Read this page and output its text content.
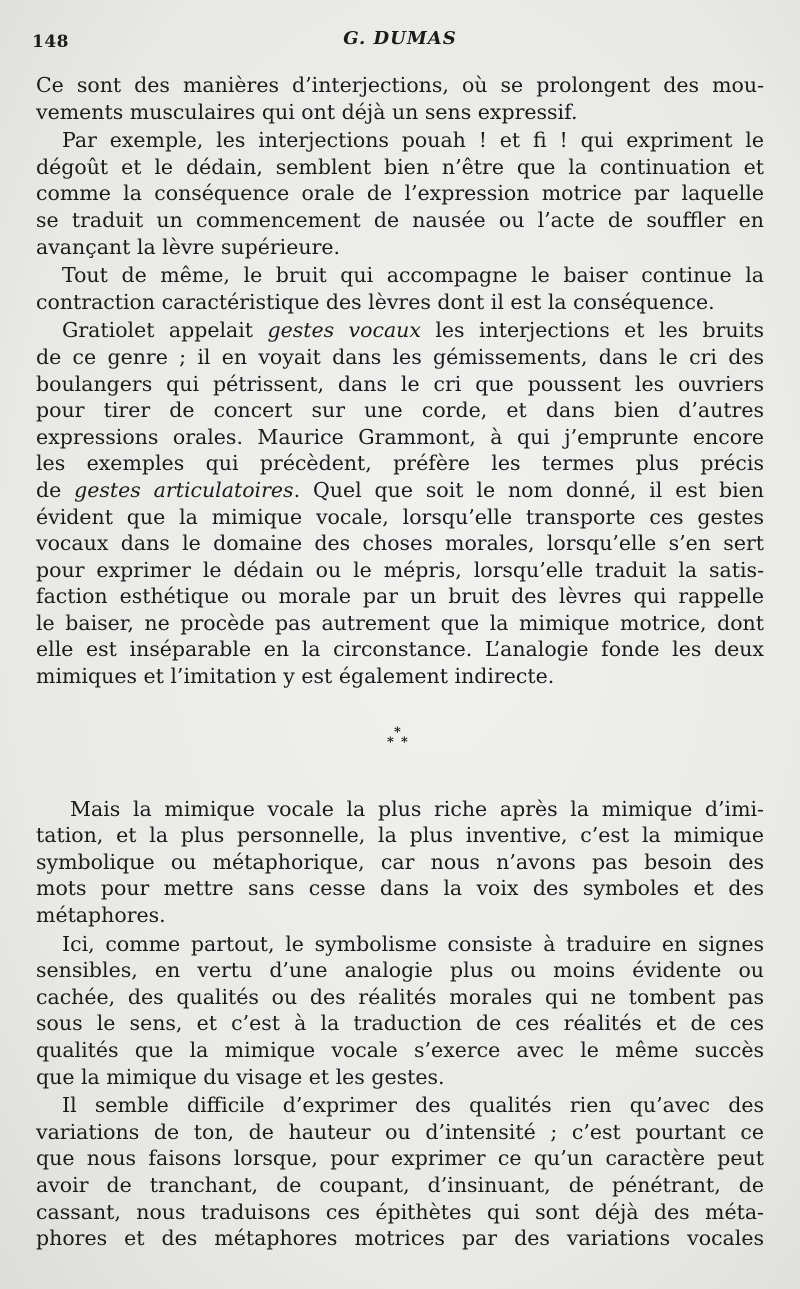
148	G. DUMAS
Ce sont des manières d’interjections, où se prolongent des mou-
vements musculaires qui ont déjà un sens expressif.
Par exemple, les interjections pouah ! et fi ! qui expriment le
dégoût et le dédain, semblent bien n’être que la continuation et
comme la conséquence orale de l’expression motrice par laquelle
se traduit un commencement de nausée ou l’acte de souffler en
avançant la lèvre supérieure.
Tout de même, le bruit qui accompagne le baiser continue la
contraction caractéristique des lèvres dont il est la conséquence.
Gratiolet appelait gestes vocaux les interjections et les bruits
de ce genre ; il en voyait dans les gémissements, dans le cri des
boulangers qui pétrissent, dans le cri que poussent les ouvriers
pour tirer de concert sur une corde, et dans bien d’autres
expressions orales. Maurice Grammont, à qui j’emprunte encore
les exemples qui précèdent, préfère les termes plus précis
de gestes articulatoires. Quel que soit le nom donné, il est bien
évident que la mimique vocale, lorsqu’elle transporte ces gestes
vocaux dans le domaine des choses morales, lorsqu’elle s’en sert
pour exprimer le dédain ou le mépris, lorsqu’elle traduit la satis-
faction esthétique ou morale par un bruit des lèvres qui rappelle
le baiser, ne procède pas autrement que la mimique motrice, dont
elle est inséparable en la circonstance. L’analogie fonde les deux
mimiques et l’imitation y est également indirecte.
*
* *
Mais la mimique vocale la plus riche après la mimique d’imi-
tation, et la plus personnelle, la plus inventive, c’est la mimique
symbolique ou métaphorique, car nous n’avons pas besoin des
mots pour mettre sans cesse dans la voix des symboles et des
métaphores.
Ici, comme partout, le symbolisme consiste à traduire en signes
sensibles, en vertu d’une analogie plus ou moins évidente ou
cachée, des qualités ou des réalités morales qui ne tombent pas
sous le sens, et c’est à la traduction de ces réalités et de ces
qualités que la mimique vocale s’exerce avec le même succès
que la mimique du visage et les gestes.
Il semble difficile d’exprimer des qualités rien qu’avec des
variations de ton, de hauteur ou d’intensité ; c’est pourtant ce
que nous faisons lorsque, pour exprimer ce qu’un caractère peut
avoir de tranchant, de coupant, d’insinuant, de pénétrant, de
cassant, nous traduisons ces épithètes qui sont déjà des méta-
phores et des métaphores motrices par des variations vocales
